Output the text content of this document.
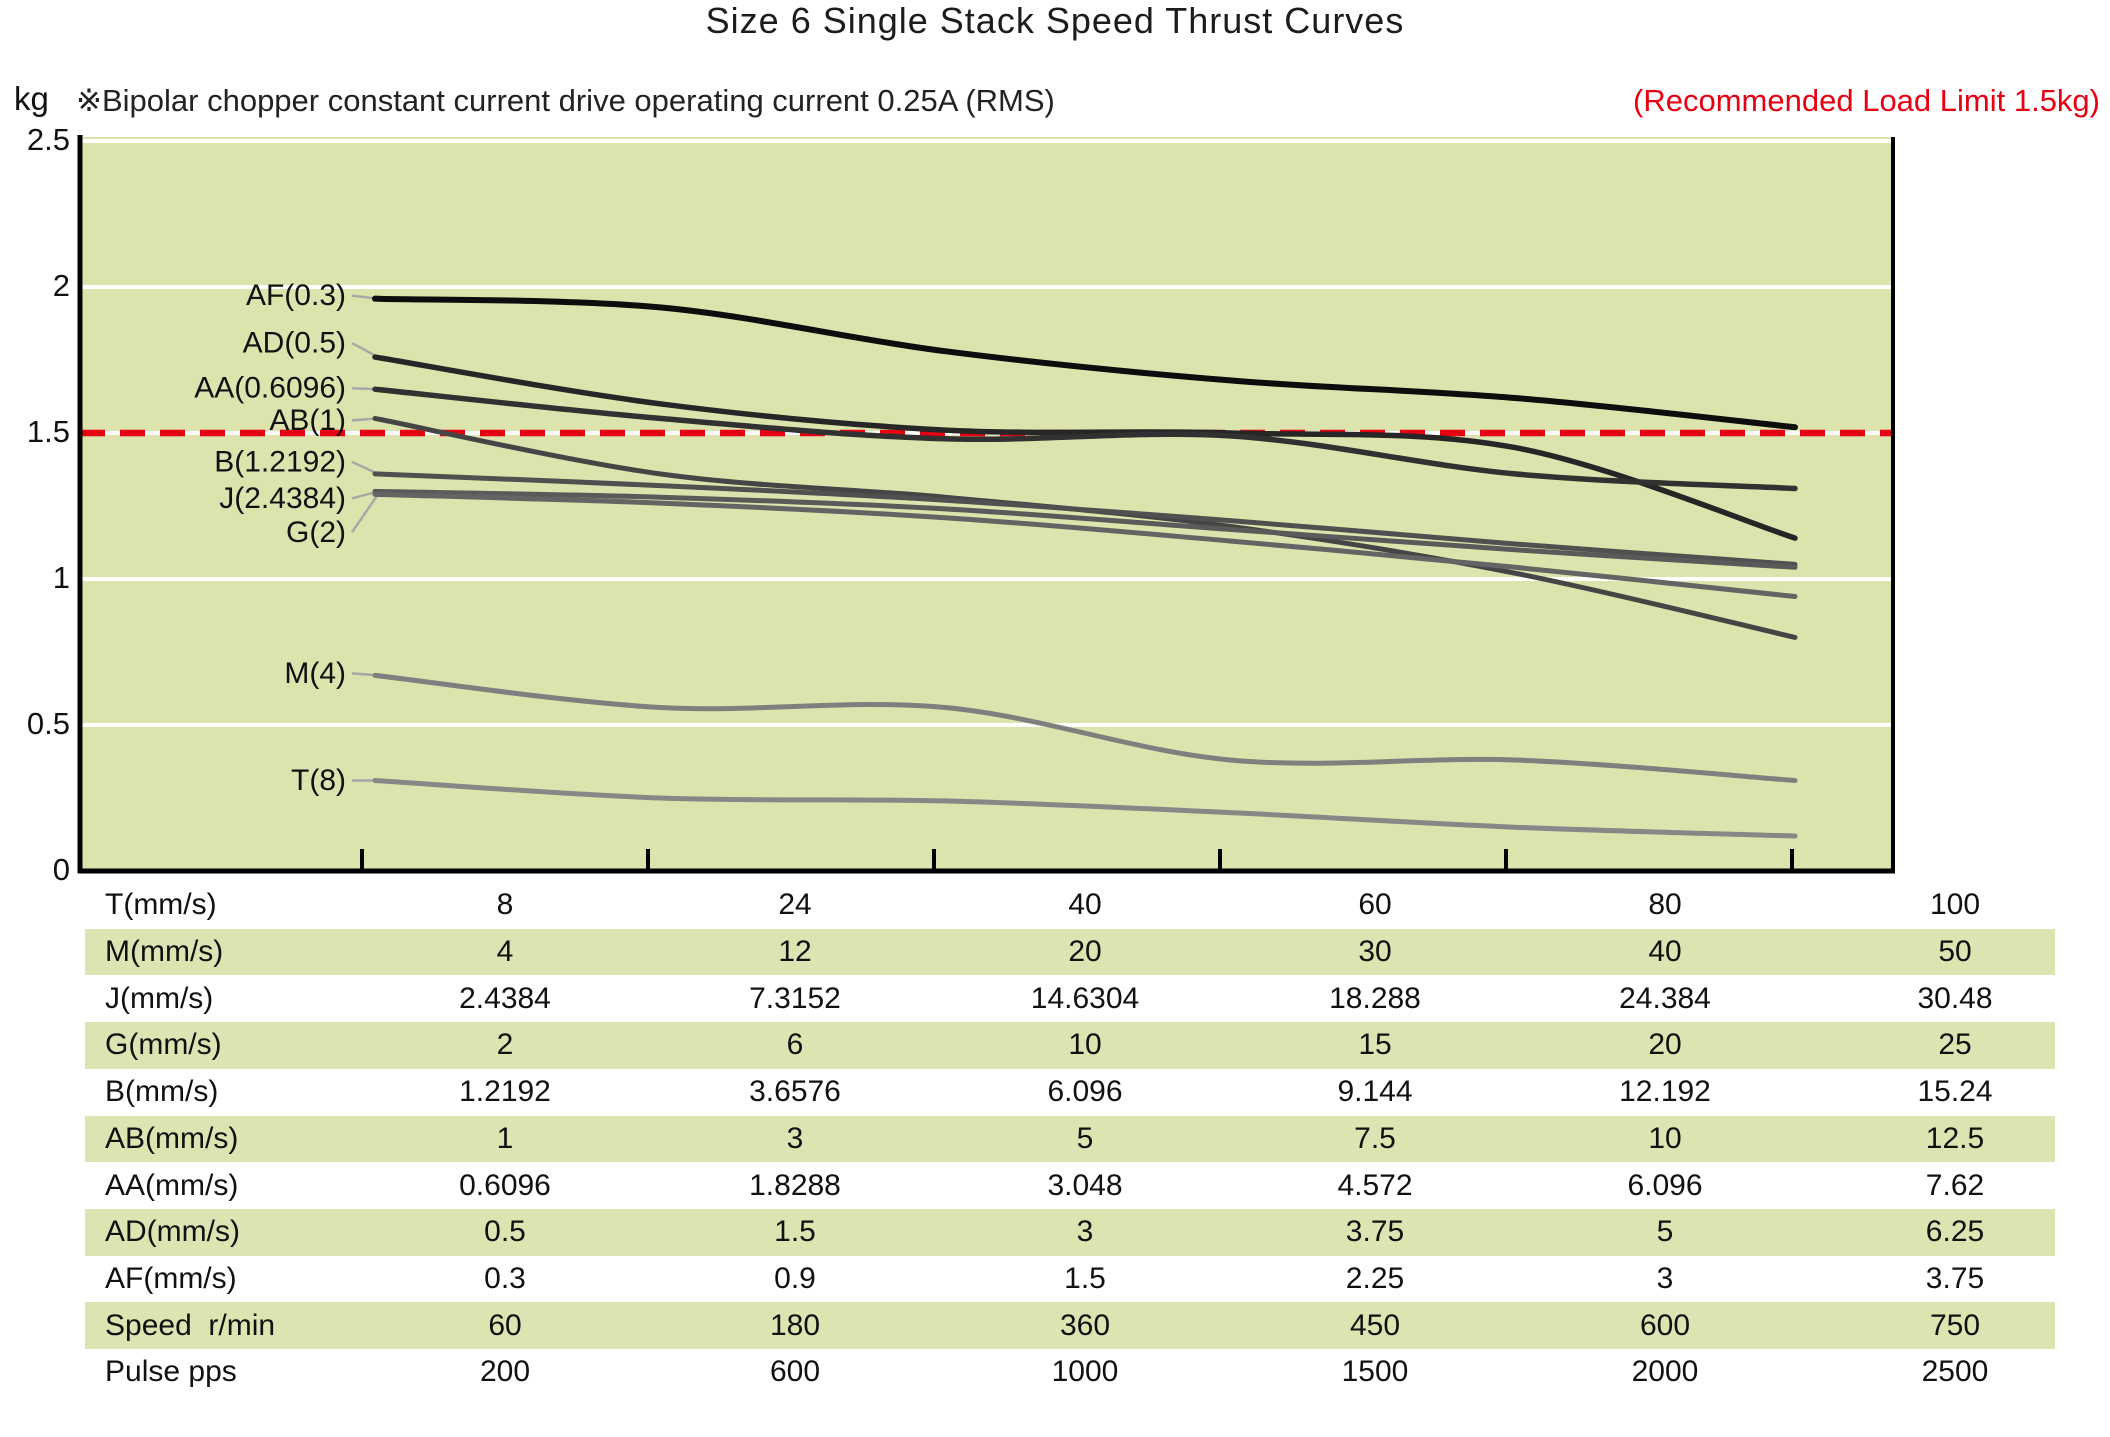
Size 6 Single Stack Speed Thrust Curves
kg ※Bipolar chopper constant current drive operating current 0.25A (RMS)	(Recommended Load Limit 1.5kg)
AF(0.3)
AD(0.5)
AA(0.6096)
AB(1)
B(1.2192)
J(2.4384)
G(2)
M(4)
T(8)
0
0.5
1
1.5
2
2.5
T(mm/s)	8	24	40	60	80	100
M(mm/s)	4	12	20	30	40	50
J(mm/s)	2.4384	7.3152	14.6304	18.288	24.384	30.48
G(mm/s)	2	6	10	15	20	25
B(mm/s)	1.2192	3.6576	6.096	9.144	12.192	15.24
AB(mm/s)	1	3	5	7.5	10	12.5
AA(mm/s)	0.6096	1.8288	3.048	4.572	6.096	7.62
AD(mm/s)	0.5	1.5	3	3.75	5	6.25
AF(mm/s)	0.3	0.9	1.5	2.25	3	3.75
Speed  r/min	60	180	360	450	600	750
Pulse pps	200	600	1000	1500	2000	2500
